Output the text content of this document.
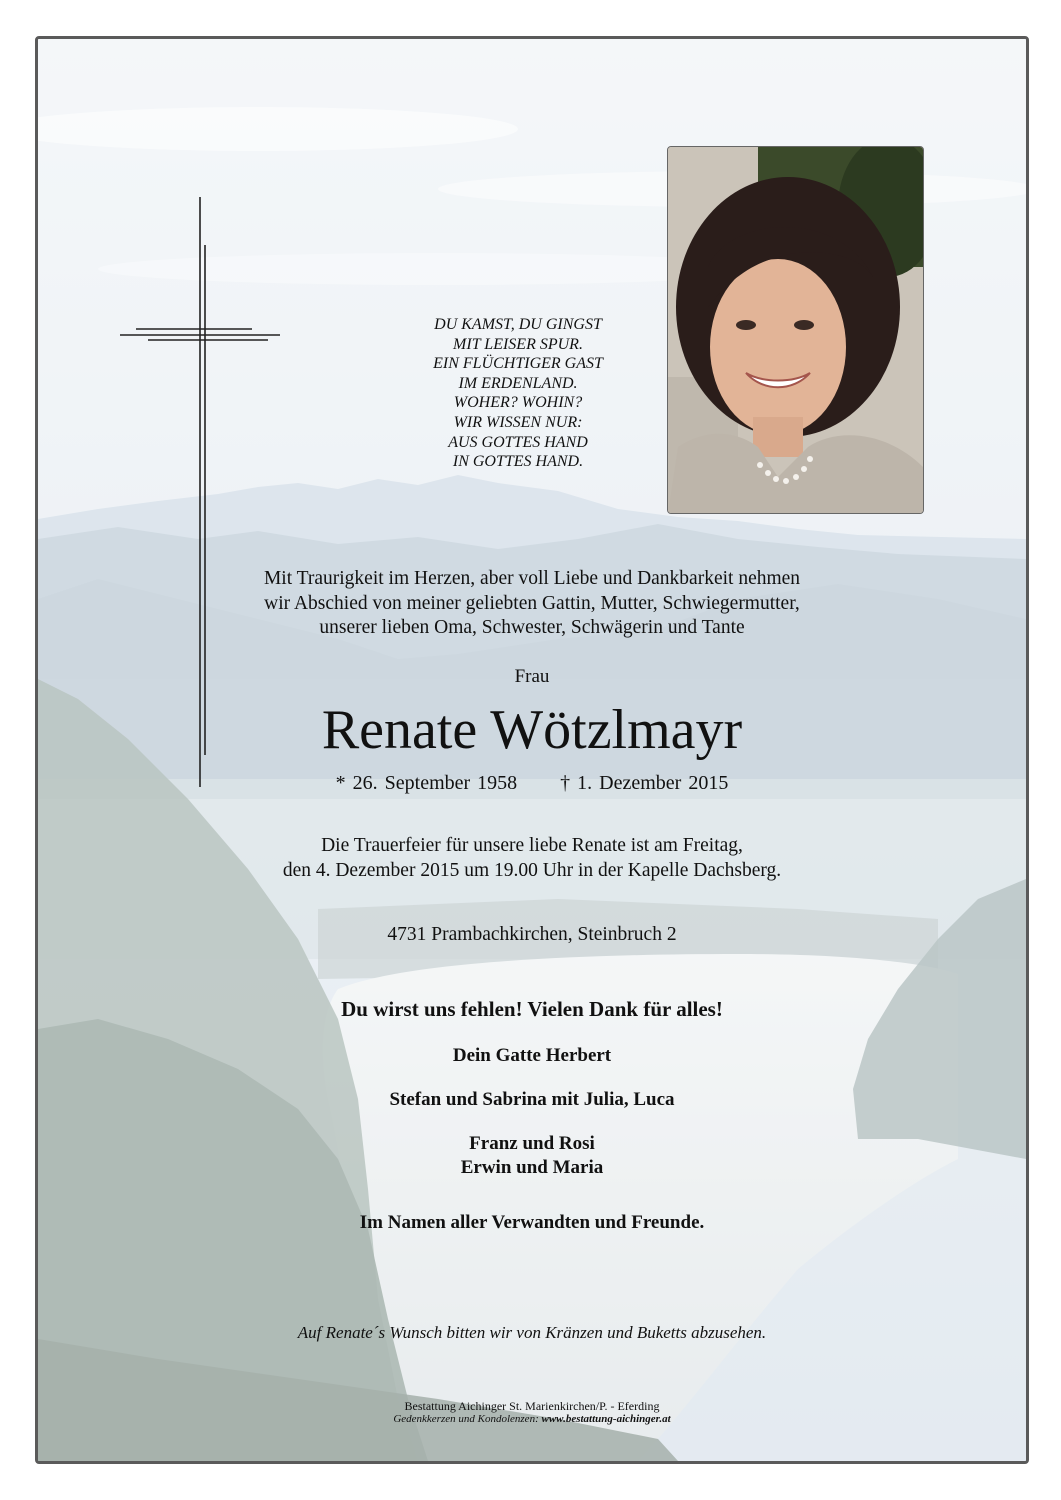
DU KAMST, DU GINGST
MIT LEISER SPUR.
EIN FLÜCHTIGER GAST
IM ERDENLAND.
WOHER? WOHIN?
WIR WISSEN NUR:
AUS GOTTES HAND
IN GOTTES HAND.
Mit Traurigkeit im Herzen, aber voll Liebe und Dankbarkeit nehmen
wir Abschied von meiner geliebten Gattin, Mutter, Schwiegermutter,
unserer lieben Oma, Schwester, Schwägerin und Tante
Frau
Renate Wötzlmayr
* 26. September 1958 † 1. Dezember 2015
Die Trauerfeier für unsere liebe Renate ist am Freitag,
den 4. Dezember 2015 um 19.00 Uhr in der Kapelle Dachsberg.
4731 Prambachkirchen, Steinbruch 2
Du wirst uns fehlen! Vielen Dank für alles!
Dein Gatte Herbert
Stefan und Sabrina mit Julia, Luca
Franz und Rosi
Erwin und Maria
Im Namen aller Verwandten und Freunde.
Auf Renate´s Wunsch bitten wir von Kränzen und Buketts abzusehen.
Bestattung Aichinger St. Marienkirchen/P. - Eferding
Gedenkkerzen und Kondolenzen: www.bestattung-aichinger.at
